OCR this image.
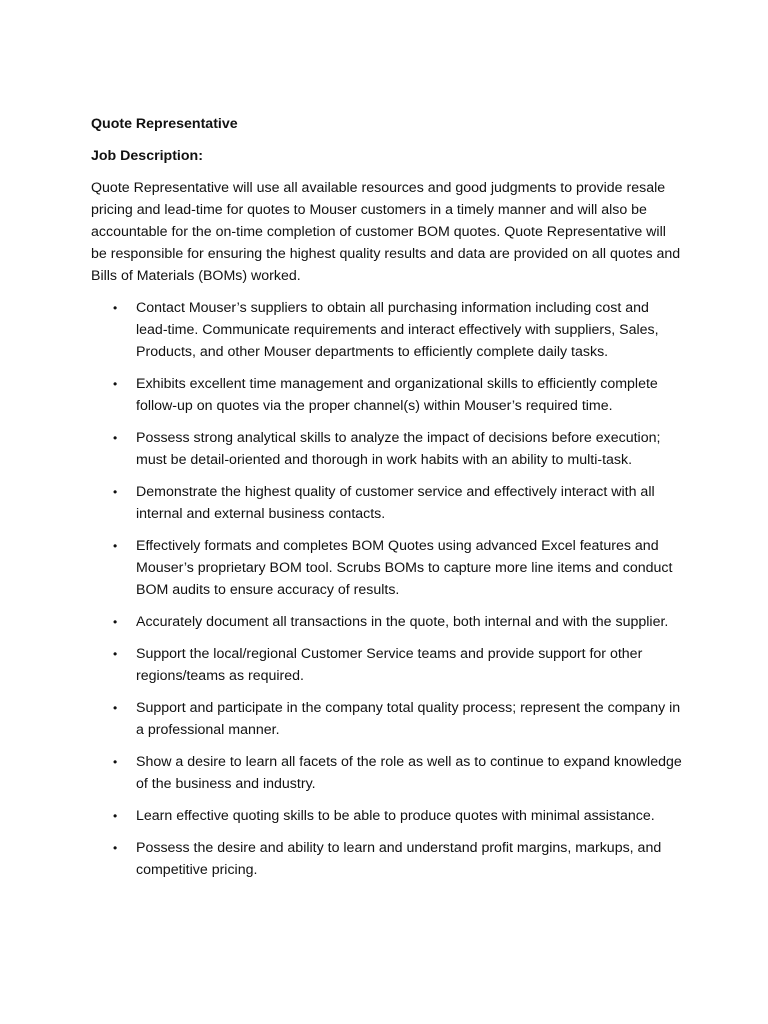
Quote Representative

Job Description:

Quote Representative will use all available resources and good judgments to provide resale pricing and lead-time for quotes to Mouser customers in a timely manner and will also be accountable for the on-time completion of customer BOM quotes. Quote Representative will be responsible for ensuring the highest quality results and data are provided on all quotes and Bills of Materials (BOMs) worked.

• Contact Mouser’s suppliers to obtain all purchasing information including cost and lead-time. Communicate requirements and interact effectively with suppliers, Sales, Products, and other Mouser departments to efficiently complete daily tasks.
• Exhibits excellent time management and organizational skills to efficiently complete follow-up on quotes via the proper channel(s) within Mouser’s required time.
• Possess strong analytical skills to analyze the impact of decisions before execution; must be detail-oriented and thorough in work habits with an ability to multi-task.
• Demonstrate the highest quality of customer service and effectively interact with all internal and external business contacts.
• Effectively formats and completes BOM Quotes using advanced Excel features and Mouser’s proprietary BOM tool. Scrubs BOMs to capture more line items and conduct BOM audits to ensure accuracy of results.
• Accurately document all transactions in the quote, both internal and with the supplier.
• Support the local/regional Customer Service teams and provide support for other regions/teams as required.
• Support and participate in the company total quality process; represent the company in a professional manner.
• Show a desire to learn all facets of the role as well as to continue to expand knowledge of the business and industry.
• Learn effective quoting skills to be able to produce quotes with minimal assistance.
• Possess the desire and ability to learn and understand profit margins, markups, and competitive pricing.
